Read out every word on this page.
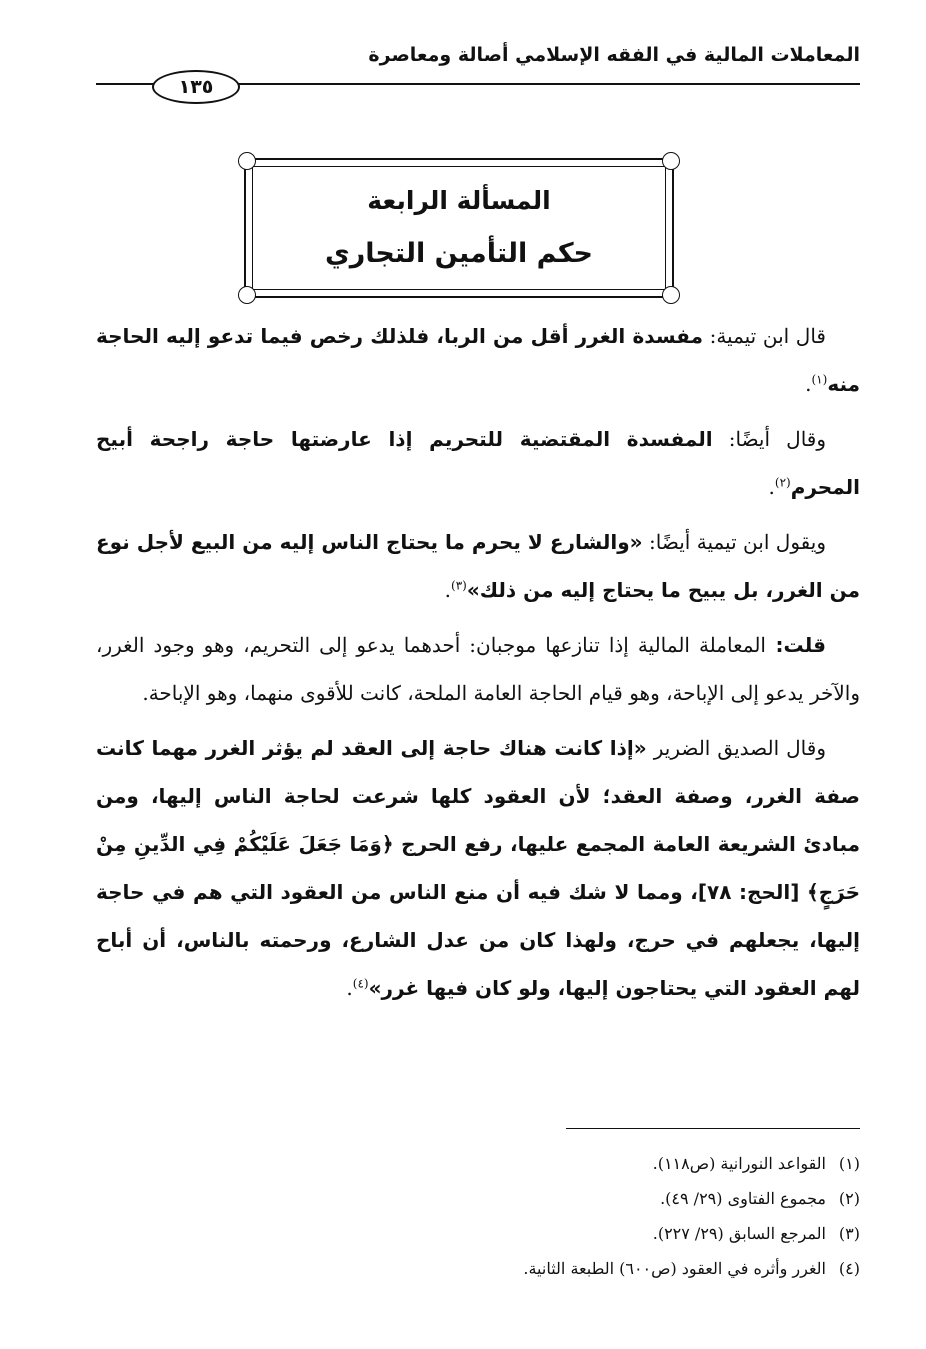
المعاملات المالية في الفقه الإسلامي أصالة ومعاصرة
١٣٥
المسألة الرابعة
حكم التأمين التجاري

قال ابن تيمية: مفسدة الغرر أقل من الربا، فلذلك رخص فيما تدعو إليه الحاجة منه$^{(١)}$.

وقال أيضًا: المفسدة المقتضية للتحريم إذا عارضتها حاجة راجحة أبيح المحرم$^{(٢)}$.

ويقول ابن تيمية أيضًا: «والشارع لا يحرم ما يحتاج الناس إليه من البيع لأجل نوع من الغرر، بل يبيح ما يحتاج إليه من ذلك»$^{(٣)}$.

قلت: المعاملة المالية إذا تنازعها موجبان: أحدهما يدعو إلى التحريم، وهو وجود الغرر، والآخر يدعو إلى الإباحة، وهو قيام الحاجة العامة الملحة، كانت للأقوى منهما، وهو الإباحة.

وقال الصديق الضرير «إذا كانت هناك حاجة إلى العقد لم يؤثر الغرر مهما كانت صفة الغرر، وصفة العقد؛ لأن العقود كلها شرعت لحاجة الناس إليها، ومن مبادئ الشريعة العامة المجمع عليها، رفع الحرج ﴿وَمَا جَعَلَ عَلَيْكُمْ فِي الدِّينِ مِنْ حَرَجٍ﴾ [الحج: ٧٨]، ومما لا شك فيه أن منع الناس من العقود التي هم في حاجة إليها، يجعلهم في حرج، ولهذا كان من عدل الشارع، ورحمته بالناس، أن أباح لهم العقود التي يحتاجون إليها، ولو كان فيها غرر»$^{(٤)}$.

(١)القواعد النورانية (ص١١٨).
(٢)مجموع الفتاوى (٢٩/ ٤٩).
(٣)المرجع السابق (٢٩/ ٢٢٧).
(٤)الغرر وأثره في العقود (ص٦٠٠) الطبعة الثانية.
